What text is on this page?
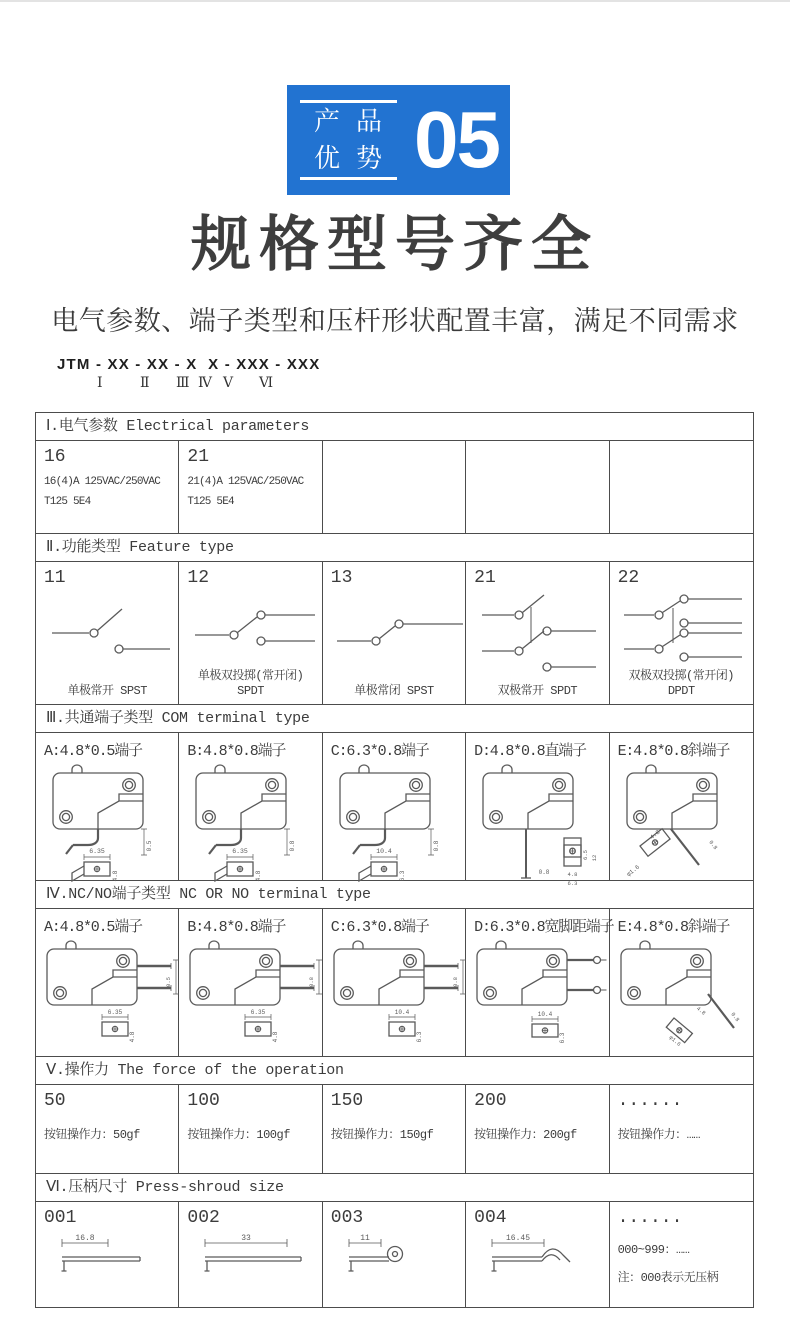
产品
优势 05
规格型号齐全
电气参数、端子类型和压杆形状配置丰富，满足不同需求
JTM - XX - XX - X  X - XXX - XXX
Ⅰ	Ⅱ Ⅲ Ⅳ Ⅴ Ⅵ
Ⅰ.电气参数 Electrical parameters
16
16(4)A 125VAC/250VAC
T125 5E4
21
21(4)A 125VAC/250VAC
T125 5E4
Ⅱ.功能类型 Feature type
11
单极常开 SPST
12
单极双投掷(常开闭)
SPDT
13
单极常闭 SPST
21
双极常开 SPDT
22
双极双投掷(常开闭)
DPDT
Ⅲ.共通端子类型 COM terminal type
A:4.8*0.5端子
6.35
4.8
0.5
B:4.8*0.8端子
6.35
4.8
0.8
C:6.3*0.8端子
10.4
6.3
0.8
D:4.8*0.8直端子
0.8
6.5 12
4.8
6.3
E:4.8*0.8斜端子
0.8
4.8
φ1.6
Ⅳ.NC/NO端子类型 NC OR NO terminal type
A:4.8*0.5端子
6.35
4.8
0.5
B:4.8*0.8端子
6.35
4.8
0.8
C:6.3*0.8端子
10.4
6.3
0.8
D:6.3*0.8宽脚距端子
10.4
6.3
E:4.8*0.8斜端子
4.8
φ1.6
0.8
Ⅴ.操作力 The force of the operation
50
按钮操作力：50gf
100
按钮操作力：100gf
150
按钮操作力：150gf
200
按钮操作力：200gf
......
按钮操作力：……
Ⅵ.压柄尺寸 Press-shroud size
001
16.8
002
33
003
11
004
16.45
......
000~999：……
注：000表示无压柄
